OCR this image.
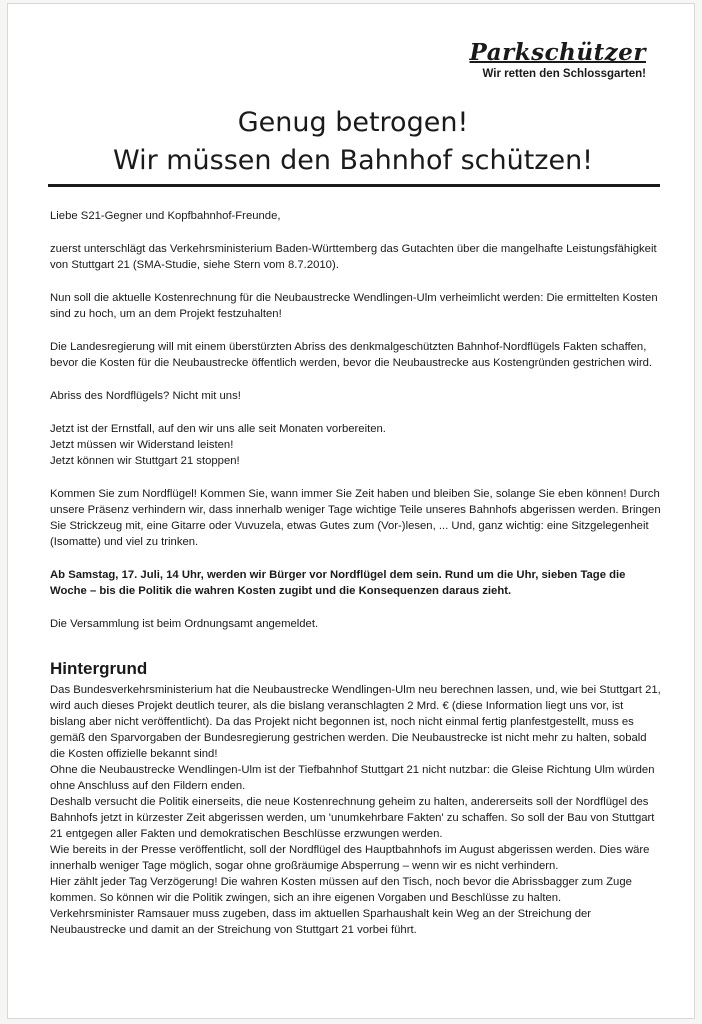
Parkschützer
Wir retten den Schlossgarten!
Genug betrogen!
Wir müssen den Bahnhof schützen!

Liebe S21-Gegner und Kopfbahnhof-Freunde,

zuerst unterschlägt das Verkehrsministerium Baden-Württemberg das Gutachten über die mangelhafte Leistungsfähigkeit von Stuttgart 21 (SMA-Studie, siehe Stern vom 8.7.2010).

Nun soll die aktuelle Kostenrechnung für die Neubaustrecke Wendlingen-Ulm verheimlicht werden: Die ermittelten Kosten sind zu hoch, um an dem Projekt festzuhalten!

Die Landesregierung will mit einem überstürzten Abriss des denkmalgeschützten Bahnhof-Nordflügels Fakten schaffen, bevor die Kosten für die Neubaustrecke öffentlich werden, bevor die Neubaustrecke aus Kostengründen gestrichen wird.

Abriss des Nordflügels? Nicht mit uns!

Jetzt ist der Ernstfall, auf den wir uns alle seit Monaten vorbereiten.
Jetzt müssen wir Widerstand leisten!
Jetzt können wir Stuttgart 21 stoppen!

Kommen Sie zum Nordflügel! Kommen Sie, wann immer Sie Zeit haben und bleiben Sie, solange Sie eben können! Durch unsere Präsenz verhindern wir, dass innerhalb weniger Tage wichtige Teile unseres Bahnhofs abgerissen werden. Bringen Sie Strickzeug mit, eine Gitarre oder Vuvuzela, etwas Gutes zum (Vor-)lesen, ... Und, ganz wichtig: eine Sitzgelegenheit (Isomatte) und viel zu trinken.

Ab Samstag, 17. Juli, 14 Uhr, werden wir Bürger vor Nordflügel dem sein. Rund um die Uhr, sieben Tage die Woche – bis die Politik die wahren Kosten zugibt und die Konsequenzen daraus zieht.

Die Versammlung ist beim Ordnungsamt angemeldet.

Hintergrund

Das Bundesverkehrsministerium hat die Neubaustrecke Wendlingen-Ulm neu berechnen lassen, und, wie bei Stuttgart 21, wird auch dieses Projekt deutlich teurer, als die bislang veranschlagten 2 Mrd. € (diese Information liegt uns vor, ist bislang aber nicht veröffentlicht). Da das Projekt nicht begonnen ist, noch nicht einmal fertig planfestgestellt, muss es gemäß den Sparvorgaben der Bundesregierung gestrichen werden. Die Neubaustrecke ist nicht mehr zu halten, sobald die Kosten offizielle bekannt sind!

Ohne die Neubaustrecke Wendlingen-Ulm ist der Tiefbahnhof Stuttgart 21 nicht nutzbar: die Gleise Richtung Ulm würden ohne Anschluss auf den Fildern enden.

Deshalb versucht die Politik einerseits, die neue Kostenrechnung geheim zu halten, andererseits soll der Nordflügel des Bahnhofs jetzt in kürzester Zeit abgerissen werden, um 'unumkehrbare Fakten' zu schaffen. So soll der Bau von Stuttgart 21 entgegen aller Fakten und demokratischen Beschlüsse erzwungen werden.

Wie bereits in der Presse veröffentlicht, soll der Nordflügel des Hauptbahnhofs im August abgerissen werden. Dies wäre innerhalb weniger Tage möglich, sogar ohne großräumige Absperrung – wenn wir es nicht verhindern.

Hier zählt jeder Tag Verzögerung! Die wahren Kosten müssen auf den Tisch, noch bevor die Abrissbagger zum Zuge kommen. So können wir die Politik zwingen, sich an ihre eigenen Vorgaben und Beschlüsse zu halten.

Verkehrsminister Ramsauer muss zugeben, dass im aktuellen Sparhaushalt kein Weg an der Streichung der Neubaustrecke und damit an der Streichung von Stuttgart 21 vorbei führt.
